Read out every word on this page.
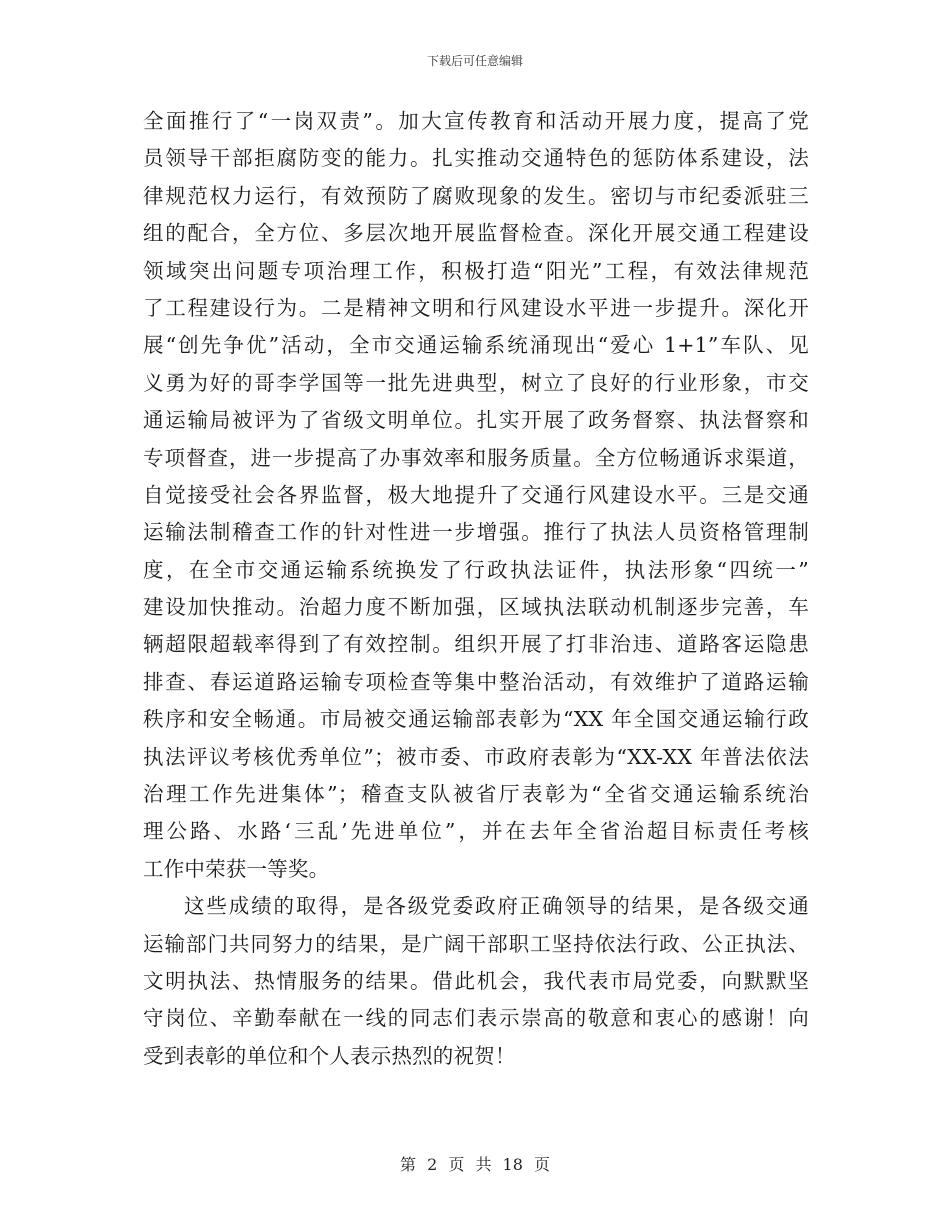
下载后可任意编辑
全面推行了“一岗双责”。加大宣传教育和活动开展力度，提高了党
员领导干部拒腐防变的能力。扎实推动交通特色的惩防体系建设，法
律规范权力运行，有效预防了腐败现象的发生。密切与市纪委派驻三
组的配合，全方位、多层次地开展监督检查。深化开展交通工程建设
领域突出问题专项治理工作，积极打造“阳光”工程，有效法律规范
了工程建设行为。二是精神文明和行风建设水平进一步提升。深化开
展“创先争优”活动，全市交通运输系统涌现出“爱心 1+1”车队、见
义勇为好的哥李学国等一批先进典型，树立了良好的行业形象，市交
通运输局被评为了省级文明单位。扎实开展了政务督察、执法督察和
专项督查，进一步提高了办事效率和服务质量。全方位畅通诉求渠道，
自觉接受社会各界监督，极大地提升了交通行风建设水平。三是交通
运输法制稽查工作的针对性进一步增强。推行了执法人员资格管理制
度，在全市交通运输系统换发了行政执法证件，执法形象“四统一”
建设加快推动。治超力度不断加强，区域执法联动机制逐步完善，车
辆超限超载率得到了有效控制。组织开展了打非治违、道路客运隐患
排查、春运道路运输专项检查等集中整治活动，有效维护了道路运输
秩序和安全畅通。市局被交通运输部表彰为“XX 年全国交通运输行政
执法评议考核优秀单位”；被市委、市政府表彰为“XX-XX 年普法依法
治理工作先进集体”；稽查支队被省厅表彰为“全省交通运输系统治
理公路、水路‘三乱’先进单位”，并在去年全省治超目标责任考核
工作中荣获一等奖。
这些成绩的取得，是各级党委政府正确领导的结果，是各级交通
运输部门共同努力的结果，是广阔干部职工坚持依法行政、公正执法、
文明执法、热情服务的结果。借此机会，我代表市局党委，向默默坚
守岗位、辛勤奉献在一线的同志们表示崇高的敬意和衷心的感谢！向
受到表彰的单位和个人表示热烈的祝贺！
第 2 页 共 18 页
